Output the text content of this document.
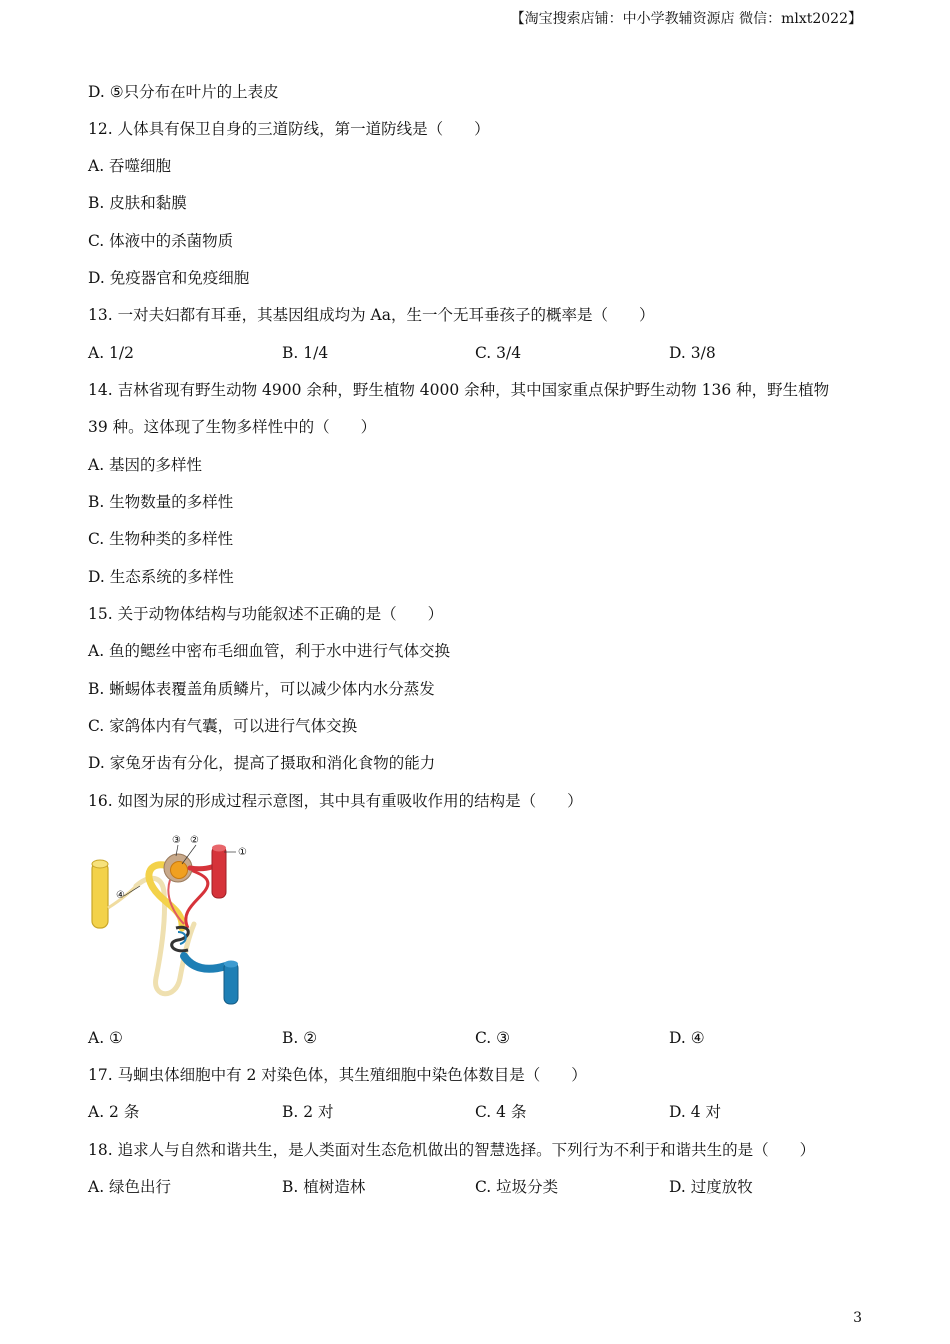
【淘宝搜索店铺：中小学教辅资源店 微信：mlxt2022】
D. ⑤只分布在叶片的上表皮
12. 人体具有保卫自身的三道防线，第一道防线是（　　）
A. 吞噬细胞
B. 皮肤和黏膜
C. 体液中的杀菌物质
D. 免疫器官和免疫细胞
13. 一对夫妇都有耳垂，其基因组成均为 Aa，生一个无耳垂孩子的概率是（　　）
A. 1/2	B. 1/4	C. 3/4	D. 3/8
14. 吉林省现有野生动物 4900 余种，野生植物 4000 余种，其中国家重点保护野生动物 136 种，野生植物
39 种。这体现了生物多样性中的（　　）
A. 基因的多样性
B. 生物数量的多样性
C. 生物种类的多样性
D. 生态系统的多样性
15. 关于动物体结构与功能叙述不正确的是（　　）
A. 鱼的鳃丝中密布毛细血管，利于水中进行气体交换
B. 蜥蜴体表覆盖角质鳞片，可以减少体内水分蒸发
C. 家鸽体内有气囊，可以进行气体交换
D. 家兔牙齿有分化，提高了摄取和消化食物的能力
16. 如图为尿的形成过程示意图，其中具有重吸收作用的结构是（　　）
①
②
③
④
A. ①	B. ②	C. ③	D. ④
17. 马蛔虫体细胞中有 2 对染色体，其生殖细胞中染色体数目是（　　）
A. 2 条	B. 2 对	C. 4 条	D. 4 对
18. 追求人与自然和谐共生，是人类面对生态危机做出的智慧选择。下列行为不利于和谐共生的是（　　）
A. 绿色出行	B. 植树造林	C. 垃圾分类	D. 过度放牧
3
